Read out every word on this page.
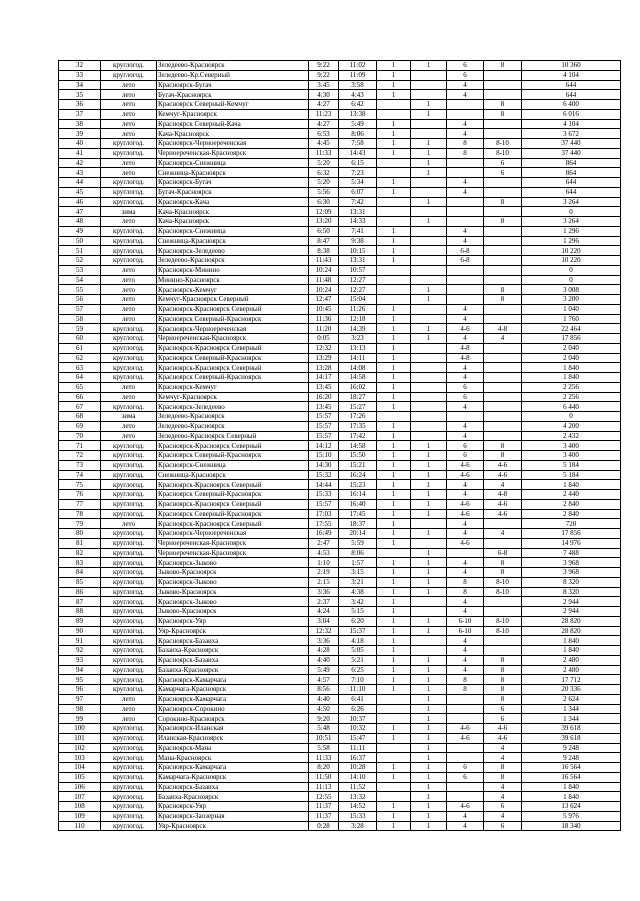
32	круглогод.	Зеледеево-Красноярск	9:22	11:02	1	1	6	8	10 360
33	круглогод.	Зеледеево-Кр.Северный	9:22	11:09	1		6		4 104
34	лето	Красноярск-Бугач	3:45	3:58	1		4		644
35	лето	Бугач-Красноярск	4:30	4:43	1		4		644
36	лето	Красноярск Северный-Кемчуг	4:27	6:42		1		8	6 400
37	лето	Кемчуг-Красноярск	11:23	13:38		1		8	6 016
38	лето	Красноярск Северный-Кача	4:27	5:49	1		4		4 104
39	лето	Кача-Красноярск	6:53	8:06	1		4		3 672
40	круглогод.	Красноярск-Черноереченская	4:45	7:58	1	1	8	8-10	37 440
41	круглогод.	Черноереченская-Красноярск	11:33	14:43	1	1	8	8-10	37 440
42	лето	Красноярск-Снежница	5:20	6:15		1		6	864
43	лето	Снежница-Красноярск	6:32	7:23		1		6	864
44	круглогод.	Красноярск-Бугач	5:20	5:34	1		4		644
45	круглогод.	Бугач-Красноярск	5:56	6:07	1		4		644
46	круглогод.	Красноярск-Кача	6:30	7:42		1		8	3 264
47	зима	Кача-Красноярск	12:09	13:31					0
48	лето	Кача-Красноярск	13:20	14:33		1		8	3 264
49	круглогод.	Красноярск-Снежница	6:50	7:41	1		4		1 296
50	круглогод.	Снежница-Красноярск	8:47	9:38	1		4		1 296
51	круглогод.	Красноярск-Зеледеево	8:38	10:15	1		6-8		10 220
52	круглогод.	Зеледеево-Красноярск	11:43	13:31	1		6-8		10 220
53	лето	Красноярск-Минино	10:24	10:57					0
54	лето	Минино-Красноярск	11:48	12:27					0
55	лето	Красноярск-Кемчуг	10:24	12:27		1		8	3 008
56	лето	Кемчуг-Красноярск Северный	12:47	15:04		1		8	3 200
57	лето	Красноярск-Красноярск Северный	10:45	11:26	1		4		1 040
58	лето	Красноярск Северный-Красноярск	11:36	12:18	1		4		1 760
59	круглогод.	Красноярск-Черноереченская	11:20	14:39	1	1	4-6	4-8	22 464
60	круглогод.	Черноереченская-Красноярск	0:05	3:23	1	1	4	4	17 856
61	круглогод.	Красноярск-Красноярск Северный	12:32	13:13	1		4-8		2 040
62	круглогод.	Красноярск Северный-Красноярск	13:29	14:11	1		4-8		2 040
63	круглогод.	Красноярск-Красноярск Северный	13:28	14:08	1		4		1 840
64	круглогод.	Красноярск Северный-Красноярск	14:17	14:58	1		4		1 840
65	лето	Красноярск-Кемчуг	13:45	16:02	1		6		2 256
66	лето	Кемчуг-Красноярск	16:20	18:27	1		6		2 256
67	круглогод.	Красноярск-Зеледеево	13:45	15:27	1		4		6 440
68	зима	Зеледеево-Красноярск	15:57	17:26					0
69	лето	Зеледеево-Красноярск	15:57	17:35	1		4		4 200
70	лето	Зеледеево-Красноярск Северный	15:57	17:42	1		4		2 432
71	круглогод.	Красноярск-Красноярск Северный	14:12	14:58	1	1	6	8	3 400
72	круглогод.	Красноярск Северный-Красноярск	15:10	15:50	1	1	6	8	3 400
73	круглогод.	Красноярск-Снежница	14:30	15:21	1	1	4-6	4-6	5 184
74	круглогод.	Снежница-Красноярск	15:32	16:24	1	1	4-6	4-6	5 184
75	круглогод.	Красноярск-Красноярск Северный	14:44	15:23	1	1	4	4	1 840
76	круглогод.	Красноярск Северный-Красноярск	15:33	16:14	1	1	4	4-8	2 440
77	круглогод.	Красноярск-Красноярск Северный	15:57	16:40	1	1	4-6	4-6	2 840
78	круглогод.	Красноярск Северный-Красноярск	17:03	17:45	1	1	4-6	4-6	2 840
79	лето	Красноярск-Красноярск Северный	17:55	18:37	1		4		720
80	круглогод.	Красноярск-Черноереченская	16:49	20:14	1	1	4	4	17 856
81	круглогод.	Черноереченская-Красноярск	2:47	5:59	1		4-6		14 976
82	круглогод.	Черноереченская-Красноярск	4:53	8:06		1		6-8	7 488
83	круглогод.	Красноярск-Зыково	1:10	1:57	1	1	4	8	3 968
84	круглогод.	Зыково-Красноярск	2:19	3:15	1	1	4	8	3 968
85	круглогод.	Красноярск-Зыково	2:15	3:21	1	1	8	8-10	8 320
86	круглогод.	Зыково-Красноярск	3:36	4:38	1	1	8	8-10	8 320
87	круглогод.	Красноярск-Зыково	2:37	3:42	1		4		2 944
88	круглогод.	Зыково-Красноярск	4:24	5:15	1		4		2 944
89	круглогод.	Красноярск-Уяр	3:04	6:20	1	1	6-10	8-10	28 820
90	круглогод.	Уяр-Красноярск	12:32	15:37	1	1	6-10	8-10	28 820
91	круглогод.	Красноярск-Базаиха	3:36	4:18	1		4		1 840
92	круглогод.	Базаиха-Красноярск	4:28	5:05	1		4		1 840
93	круглогод.	Красноярск-Базаиха	4:40	5:21	1	1	4	8	2 480
94	круглогод.	Базаиха-Красноярск	5:49	6:25	1	1	4	8	2 480
95	круглогод.	Красноярск-Камарчага	4:57	7:10	1	1	8	8	17 712
96	круглогод.	Камарчага-Красноярск	8:56	11:10	1	1	8	8	20 336
97	лето	Красноярск-Камарчага	4:40	6:41		1		8	2 624
98	лето	Красноярск-Сорокино	4:50	6:26		1		6	1 344
99	лето	Сорокино-Красноярск	9:20	10:37		1		6	1 344
100	круглогод.	Красноярск-Иланская	5:48	10:32	1	1	4-6	4-6	39 618
101	круглогод.	Иланская-Красноярск	10:51	15:47	1	1	4-6	4-6	39 618
102	круглогод.	Красноярск-Мана	5:58	11:11		1		4	9 248
103	круглогод.	Мана-Красноярск	11:33	16:37		1		4	9 248
104	круглогод.	Красноярск-Камарчага	8:20	10:28	1	1	6	8	16 564
105	круглогод.	Камарчага-Красноярск	11:50	14:10	1	1	6	8	16 564
106	круглогод.	Красноярск-Базаиха	11:13	11:52		1		4	1 840
107	круглогод.	Базаиха-Красноярск	12:55	13:32		1		4	1 840
108	круглогод.	Красноярск-Уяр	11:37	14:52	1	1	4-6	6	13 624
109	круглогод.	Красноярск-Заозерная	11:37	15:33	1	1	4	4	5 976
110	круглогод.	Уяр-Красноярск	0:28	3:28	1	1	4	6	18 340
